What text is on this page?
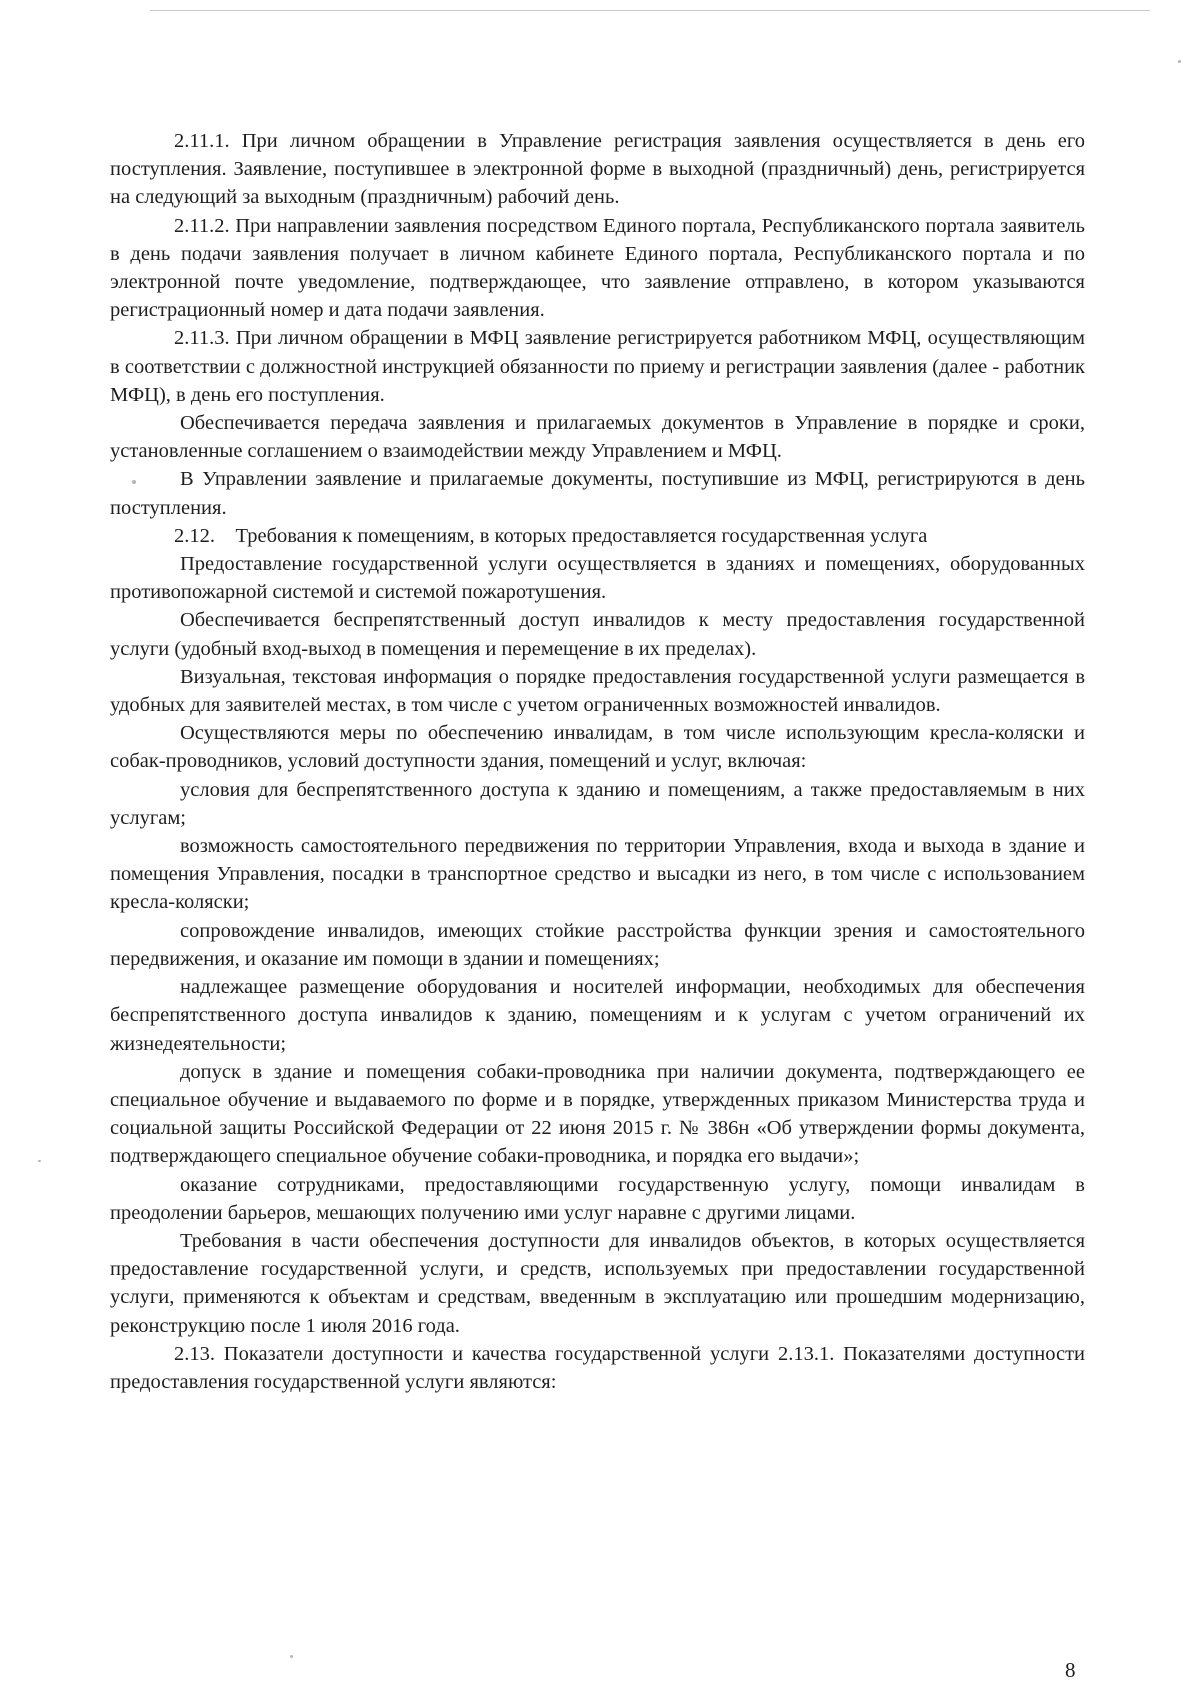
2.11.1. При личном обращении в Управление регистрация заявления осуществляется в день его поступления. Заявление, поступившее в электронной форме в выходной (праздничный) день, регистрируется на следующий за выходным (праздничным) рабочий день.

2.11.2. При направлении заявления посредством Единого портала, Республиканского портала заявитель в день подачи заявления получает в личном кабинете Единого портала, Республиканского портала и по электронной почте уведомление, подтверждающее, что заявление отправлено, в котором указываются регистрационный номер и дата подачи заявления.

2.11.3. При личном обращении в МФЦ заявление регистрируется работником МФЦ, осуществляющим в соответствии с должностной инструкцией обязанности по приему и регистрации заявления (далее - работник МФЦ), в день его поступления.

Обеспечивается передача заявления и прилагаемых документов в Управление в порядке и сроки, установленные соглашением о взаимодействии между Управлением и МФЦ.

В Управлении заявление и прилагаемые документы, поступившие из МФЦ, регистрируются в день поступления.

2.12.    Требования к помещениям, в которых предоставляется государственная услуга

Предоставление государственной услуги осуществляется в зданиях и помещениях, оборудованных противопожарной системой и системой пожаротушения.

Обеспечивается беспрепятственный доступ инвалидов к месту предоставления государственной услуги (удобный вход-выход в помещения и перемещение в их пределах).

Визуальная, текстовая информация о порядке предоставления государственной услуги размещается в удобных для заявителей местах, в том числе с учетом ограниченных возможностей инвалидов.

Осуществляются меры по обеспечению инвалидам, в том числе использующим кресла-коляски и собак-проводников, условий доступности здания, помещений и услуг, включая:

условия для беспрепятственного доступа к зданию и помещениям, а также предоставляемым в них услугам;

возможность самостоятельного передвижения по территории Управления, входа и выхода в здание и помещения Управления, посадки в транспортное средство и высадки из него, в том числе с использованием кресла-коляски;

сопровождение инвалидов, имеющих стойкие расстройства функции зрения и самостоятельного передвижения, и оказание им помощи в здании и помещениях;

надлежащее размещение оборудования и носителей информации, необходимых для обеспечения беспрепятственного доступа инвалидов к зданию, помещениям и к услугам с учетом ограничений их жизнедеятельности;

допуск в здание и помещения собаки-проводника при наличии документа, подтверждающего ее специальное обучение и выдаваемого по форме и в порядке, утвержденных приказом Министерства труда и социальной защиты Российской Федерации от 22 июня 2015 г. № 386н «Об утверждении формы документа, подтверждающего специальное обучение собаки-проводника, и порядка его выдачи»;

оказание сотрудниками, предоставляющими государственную услугу, помощи инвалидам в преодолении барьеров, мешающих получению ими услуг наравне с другими лицами.

Требования в части обеспечения доступности для инвалидов объектов, в которых осуществляется предоставление государственной услуги, и средств, используемых при предоставлении государственной услуги, применяются к объектам и средствам, введенным в эксплуатацию или прошедшим модернизацию, реконструкцию после 1 июля 2016 года.

2.13. Показатели доступности и качества государственной услуги 2.13.1. Показателями доступности предоставления государственной услуги являются:

8
